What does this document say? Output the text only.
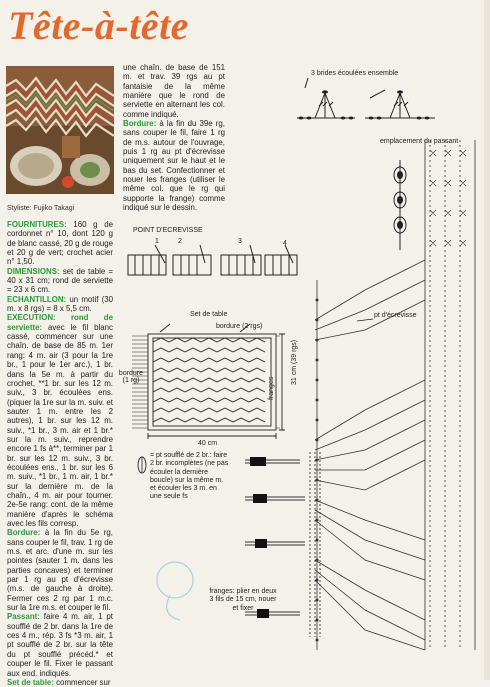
Tête-à-tête
Styliste: Fujiko Takagi

FOURNITURES: 160 g de cordonnet n° 10, dont 120 g de blanc cassé, 20 g de rouge et 20 g de vert; crochet acier n° 1,50.

DIMENSIONS: set de table = 40 x 31 cm; rond de serviette = 23 x 6 cm.

ECHANTILLON: un motif (30 m. x 8 rgs) = 8 x 5,5 cm.

EXECUTION: rond de serviette: avec le fil blanc cassé, commencer sur une chaîn. de base de 85 m. 1er rang: 4 m. air (3 pour la 1re br., 1 pour le 1er arc.), 1 br. dans la 5e m. à partir du crochet, **1 br. sur les 12 m. suiv., 3 br. écoulées ens. (piquer la 1re sur la m. suiv. et sauter 1 m. entre les 2 autres), 1 br. sur les 12 m. suiv., *1 br., 3 m. air et 1 br.* sur la m. suiv., reprendre encore 1 fs à**, terminer par 1 br. sur les 12 m. suiv., 3 br. écoulées ens., 1 br. sur les 6 m. suiv., *1 br., 1 m. air, 1 br.* sur la dernière m. de la chaîn., 4 m. air pour tourner. 2e-5e rang: cont. de la même manière d'après le schéma avec les fils corresp.

Bordure: à la fin du 5e rg, sans couper le fil, trav. 1 rg de m.s. et arc. d'une m. sur les pointes (sauter 1 m. dans les parties concaves) et terminer par 1 rg au pt d'écrevisse (m.s. de gauche à droite). Fermer ces 2 rg par 1 m.c. sur la 1re m.s. et couper le fil.

Passant: faire 4 m. air, 1 pt soufflé de 2 br. dans la 1re de ces 4 m., rép. 3 fs *3 m. air, 1 pt soufflé de 2 br. sur la tête du pt soufflé précéd.* et couper le fil. Fixer le passant aux end. indiqués.

Set de table: commencer sur

une chaîn. de base de 151 m. et trav. 39 rgs au pt fantaisie de la même manière que le rond de serviette en alternant les col. comme indiqué.

Bordure: à la fin du 39e rg, sans couper le fil, faire 1 rg de m.s. autour de l'ouvrage, puis 1 rg au pt d'écrevisse uniquement sur le haut et le bas du set. Confectionner et nouer les franges (utiliser le même col. que le rg qui supporte la frange) comme indiqué sur le dessin.

3 brides écoulées ensemble
emplacement du passant
POINT D'ECREVISSE
1	2	3	4
Set de table
bordure (2 rgs)
bordure (1 rg)	31 cm (39 rgs)
franges
40 cm
pt d'écrevisse
= pt soufflé de 2 br.: faire 2 br. incomplètes (ne pas écouler la dernière boucle) sur la même m. et écouler les 3 m. en une seule fs
franges: plier en deux 3 fils de 15 cm, nouer et fixer
